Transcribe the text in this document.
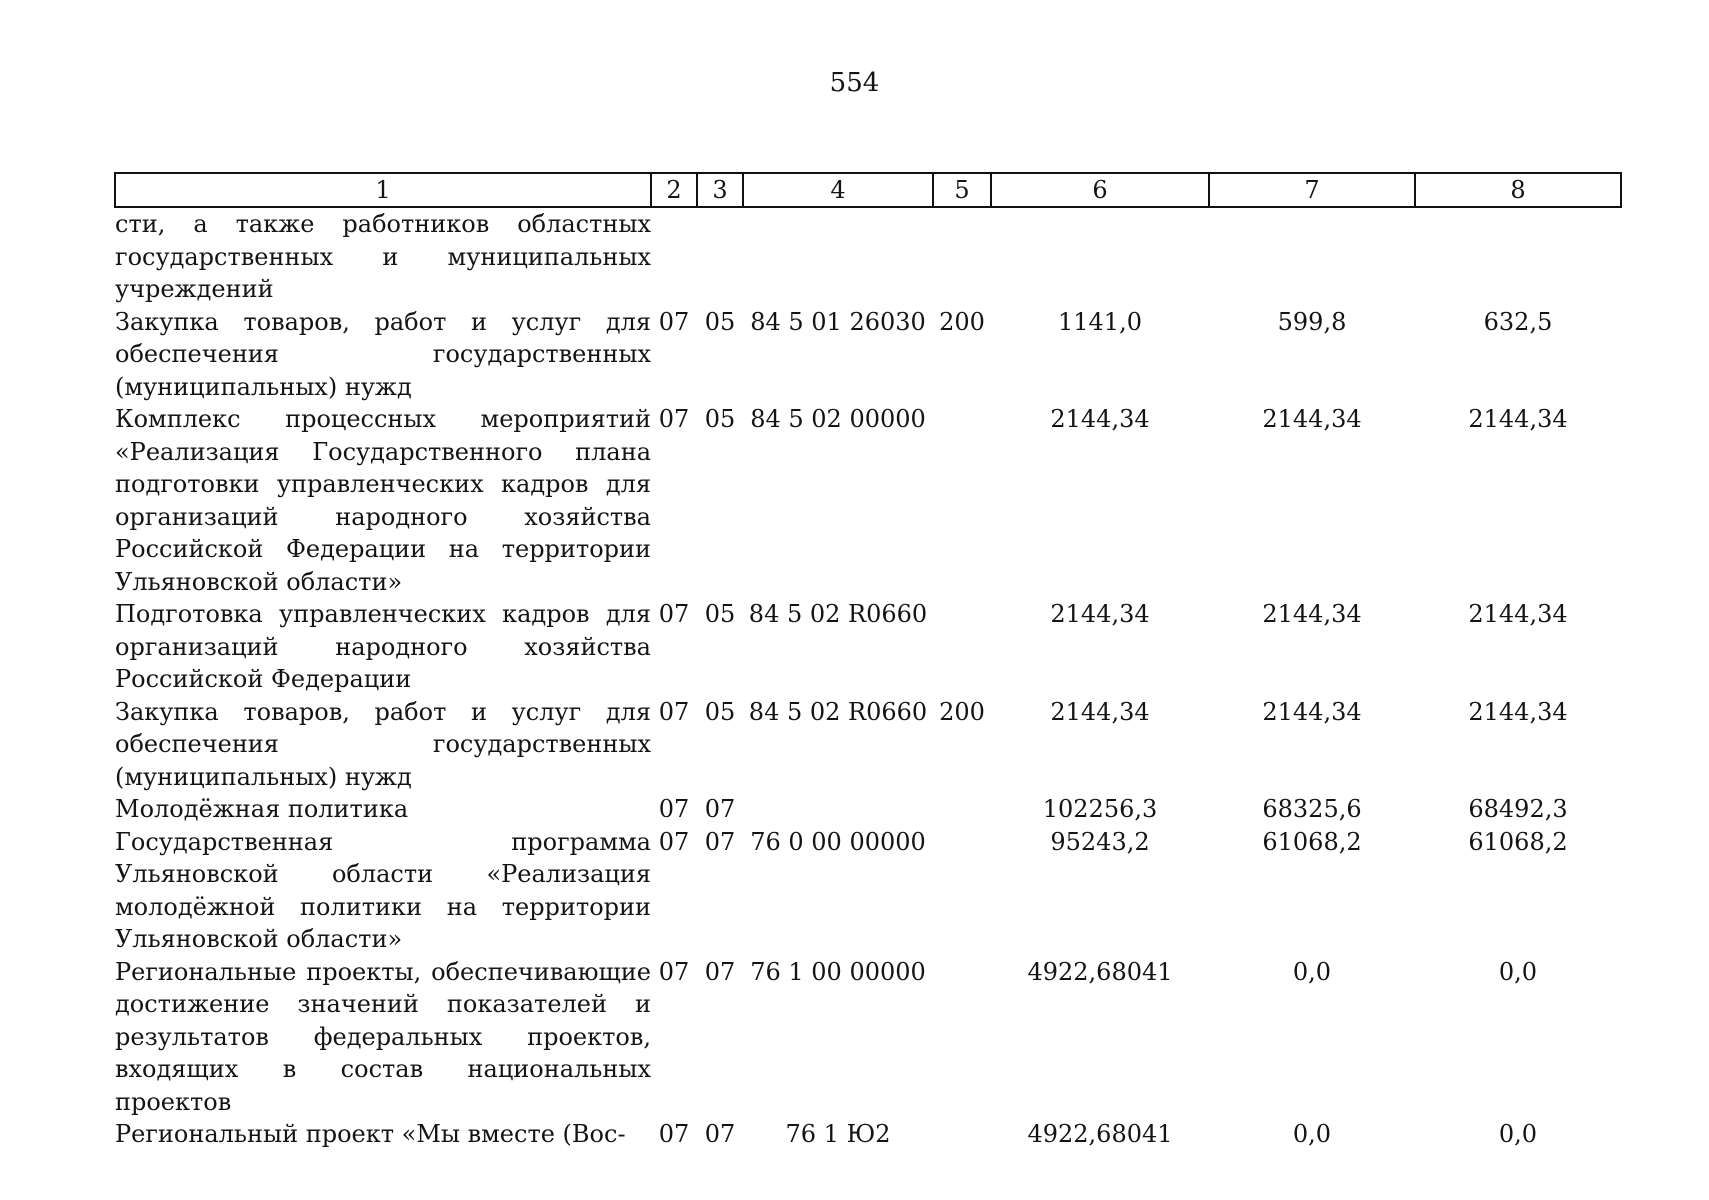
554
1	2	3	4	5	6	7	8
сти, а также работников областных государственных и муниципальных учреждений							
Закупка товаров, работ и услуг для обеспечения государственных (муниципальных) нужд	07	05	84 5 01 26030	200	1141,0	599,8	632,5
Комплекс процессных мероприятий «Реализация Государственного плана подготовки управленческих кадров для организаций народного хозяйства Российской Федерации на территории Ульяновской области»	07	05	84 5 02 00000		2144,34	2144,34	2144,34
Подготовка управленческих кадров для организаций народного хозяйства Российской Федерации	07	05	84 5 02 R0660		2144,34	2144,34	2144,34
Закупка товаров, работ и услуг для обеспечения государственных (муниципальных) нужд	07	05	84 5 02 R0660	200	2144,34	2144,34	2144,34
Молодёжная политика	07	07			102256,3	68325,6	68492,3
Государственная программа Ульяновской области «Реализация молодёжной политики на территории Ульяновской области»	07	07	76 0 00 00000		95243,2	61068,2	61068,2
Региональные проекты, обеспечивающие достижение значений показателей и результатов федеральных проектов, входящих в состав национальных проектов	07	07	76 1 00 00000		4922,68041	0,0	0,0
Региональный проект «Мы вместе (Вос-	07	07	76 1 Ю2		4922,68041	0,0	0,0
